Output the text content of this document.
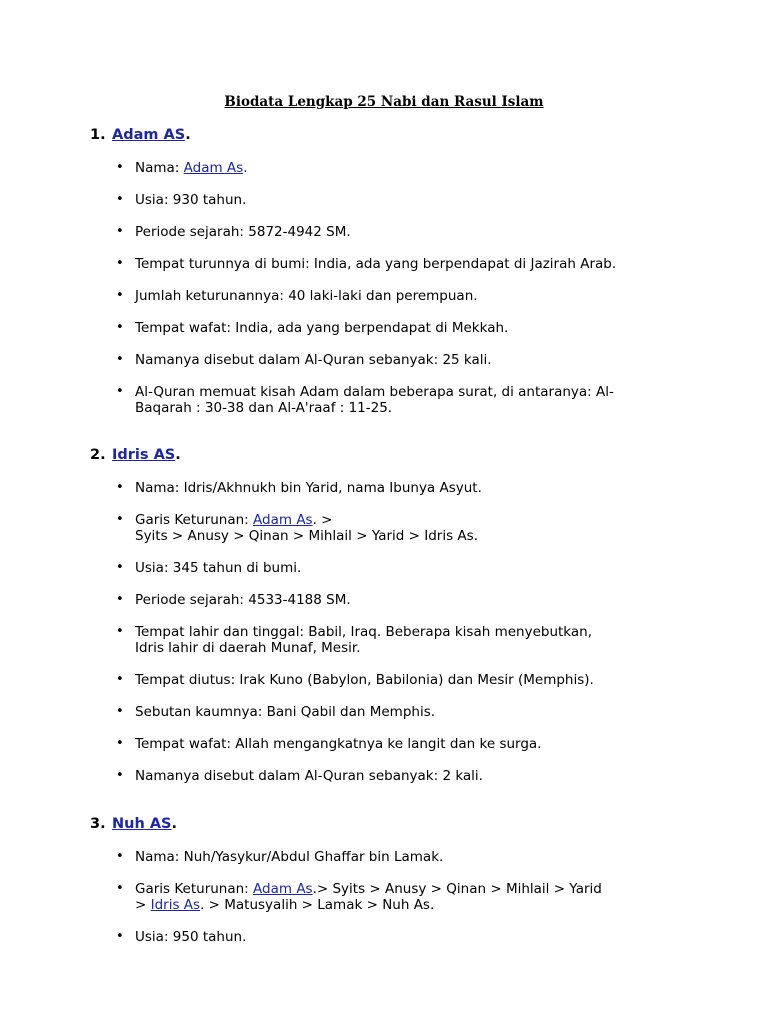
Biodata Lengkap 25 Nabi dan Rasul Islam

1. Adam AS.

• Nama: Adam As.
• Usia: 930 tahun.
• Periode sejarah: 5872-4942 SM.
• Tempat turunnya di bumi: India, ada yang berpendapat di Jazirah Arab.
• Jumlah keturunannya: 40 laki-laki dan perempuan.
• Tempat wafat: India, ada yang berpendapat di Mekkah.
• Namanya disebut dalam Al-Quran sebanyak: 25 kali.
• Al-Quran memuat kisah Adam dalam beberapa surat, di antaranya: Al-
Baqarah : 30-38 dan Al-A'raaf : 11-25.

2. Idris AS.

• Nama: Idris/Akhnukh bin Yarid, nama Ibunya Asyut.
• Garis Keturunan: Adam As. >
Syits > Anusy > Qinan > Mihlail > Yarid > Idris As.
• Usia: 345 tahun di bumi.
• Periode sejarah: 4533-4188 SM.
• Tempat lahir dan tinggal: Babil, Iraq. Beberapa kisah menyebutkan,
Idris lahir di daerah Munaf, Mesir.
• Tempat diutus: Irak Kuno (Babylon, Babilonia) dan Mesir (Memphis).
• Sebutan kaumnya: Bani Qabil dan Memphis.
• Tempat wafat: Allah mengangkatnya ke langit dan ke surga.
• Namanya disebut dalam Al-Quran sebanyak: 2 kali.

3. Nuh AS.

• Nama: Nuh/Yasykur/Abdul Ghaffar bin Lamak.
• Garis Keturunan: Adam As.> Syits > Anusy > Qinan > Mihlail > Yarid
> Idris As. > Matusyalih > Lamak > Nuh As.
• Usia: 950 tahun.
